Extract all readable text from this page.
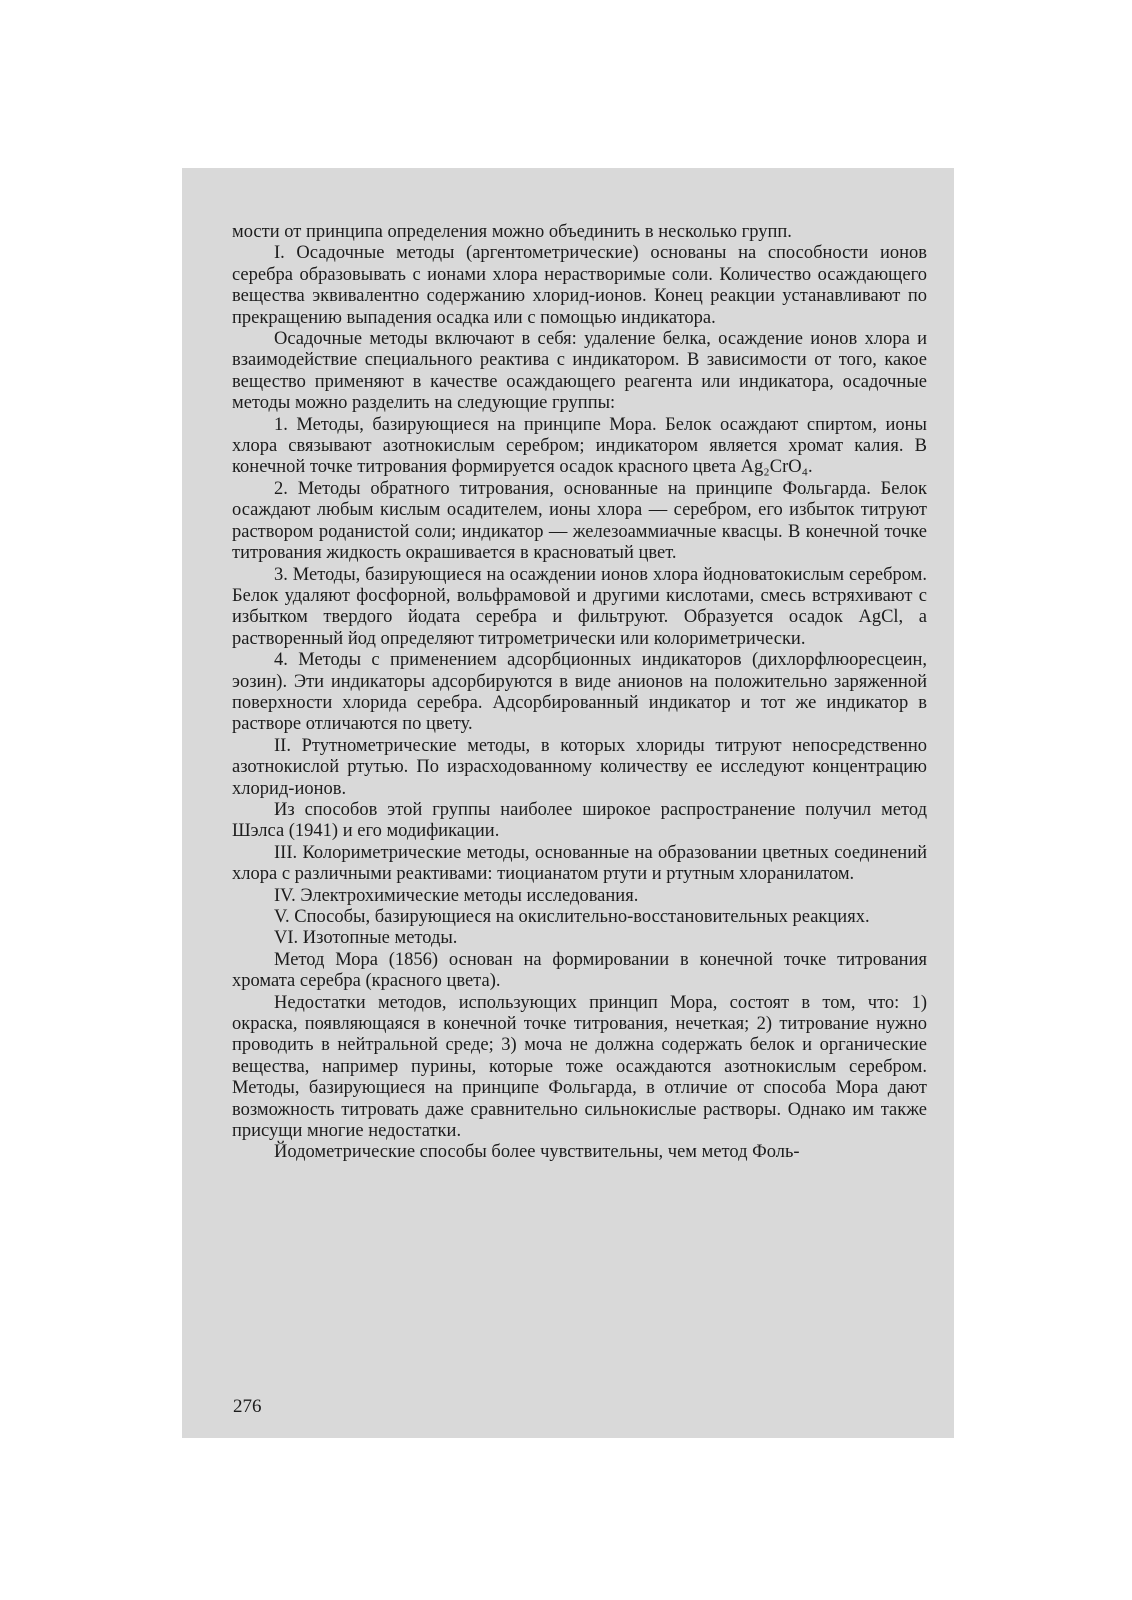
мости от принципа определения можно объединить в несколько групп.

I. Осадочные методы (аргентометрические) основаны на способности ионов серебра образовывать с ионами хлора нерастворимые соли. Количество осаждающего вещества эквивалентно содержанию хлорид-ионов. Конец реакции устанавливают по прекращению выпадения осадка или с помощью индикатора.

Осадочные методы включают в себя: удаление белка, осаждение ионов хлора и взаимодействие специального реактива с индикатором. В зависимости от того, какое вещество применяют в качестве осаждающего реагента или индикатора, осадочные методы можно разделить на следующие группы:

1. Методы, базирующиеся на принципе Мора. Белок осаждают спиртом, ионы хлора связывают азотнокислым серебром; индикатором является хромат калия. В конечной точке титрования формируется осадок красного цвета Ag₂CrO₄.

2. Методы обратного титрования, основанные на принципе Фольгарда. Белок осаждают любым кислым осадителем, ионы хлора — серебром, его избыток титруют раствором роданистой соли; индикатор — железоаммиачные квасцы. В конечной точке титрования жидкость окрашивается в красноватый цвет.

3. Методы, базирующиеся на осаждении ионов хлора йодноватокислым серебром. Белок удаляют фосфорной, вольфрамовой и другими кислотами, смесь встряхивают с избытком твердого йодата серебра и фильтруют. Образуется осадок AgCl, а растворенный йод определяют титрометрически или колориметрически.

4. Методы с применением адсорбционных индикаторов (дихлорфлюоресцеин, эозин). Эти индикаторы адсорбируются в виде анионов на положительно заряженной поверхности хлорида серебра. Адсорбированный индикатор и тот же индикатор в растворе отличаются по цвету.

II. Ртутнометрические методы, в которых хлориды титруют непосредственно азотнокислой ртутью. По израсходованному количеству ее исследуют концентрацию хлорид-ионов.

Из способов этой группы наиболее широкое распространение получил метод Шэлса (1941) и его модификации.

III. Колориметрические методы, основанные на образовании цветных соединений хлора с различными реактивами: тиоцианатом ртути и ртутным хлоранилатом.

IV. Электрохимические методы исследования.

V. Способы, базирующиеся на окислительно-восстановительных реакциях.

VI. Изотопные методы.

Метод Мора (1856) основан на формировании в конечной точке титрования хромата серебра (красного цвета).

Недостатки методов, использующих принцип Мора, состоят в том, что: 1) окраска, появляющаяся в конечной точке титрования, нечеткая; 2) титрование нужно проводить в нейтральной среде; 3) моча не должна содержать белок и органические вещества, например пурины, которые тоже осаждаются азотнокислым серебром. Методы, базирующиеся на принципе Фольгарда, в отличие от способа Мора дают возможность титровать даже сравнительно сильнокислые растворы. Однако им также присущи многие недостатки.

Йодометрические способы более чувствительны, чем метод Фоль-

276
